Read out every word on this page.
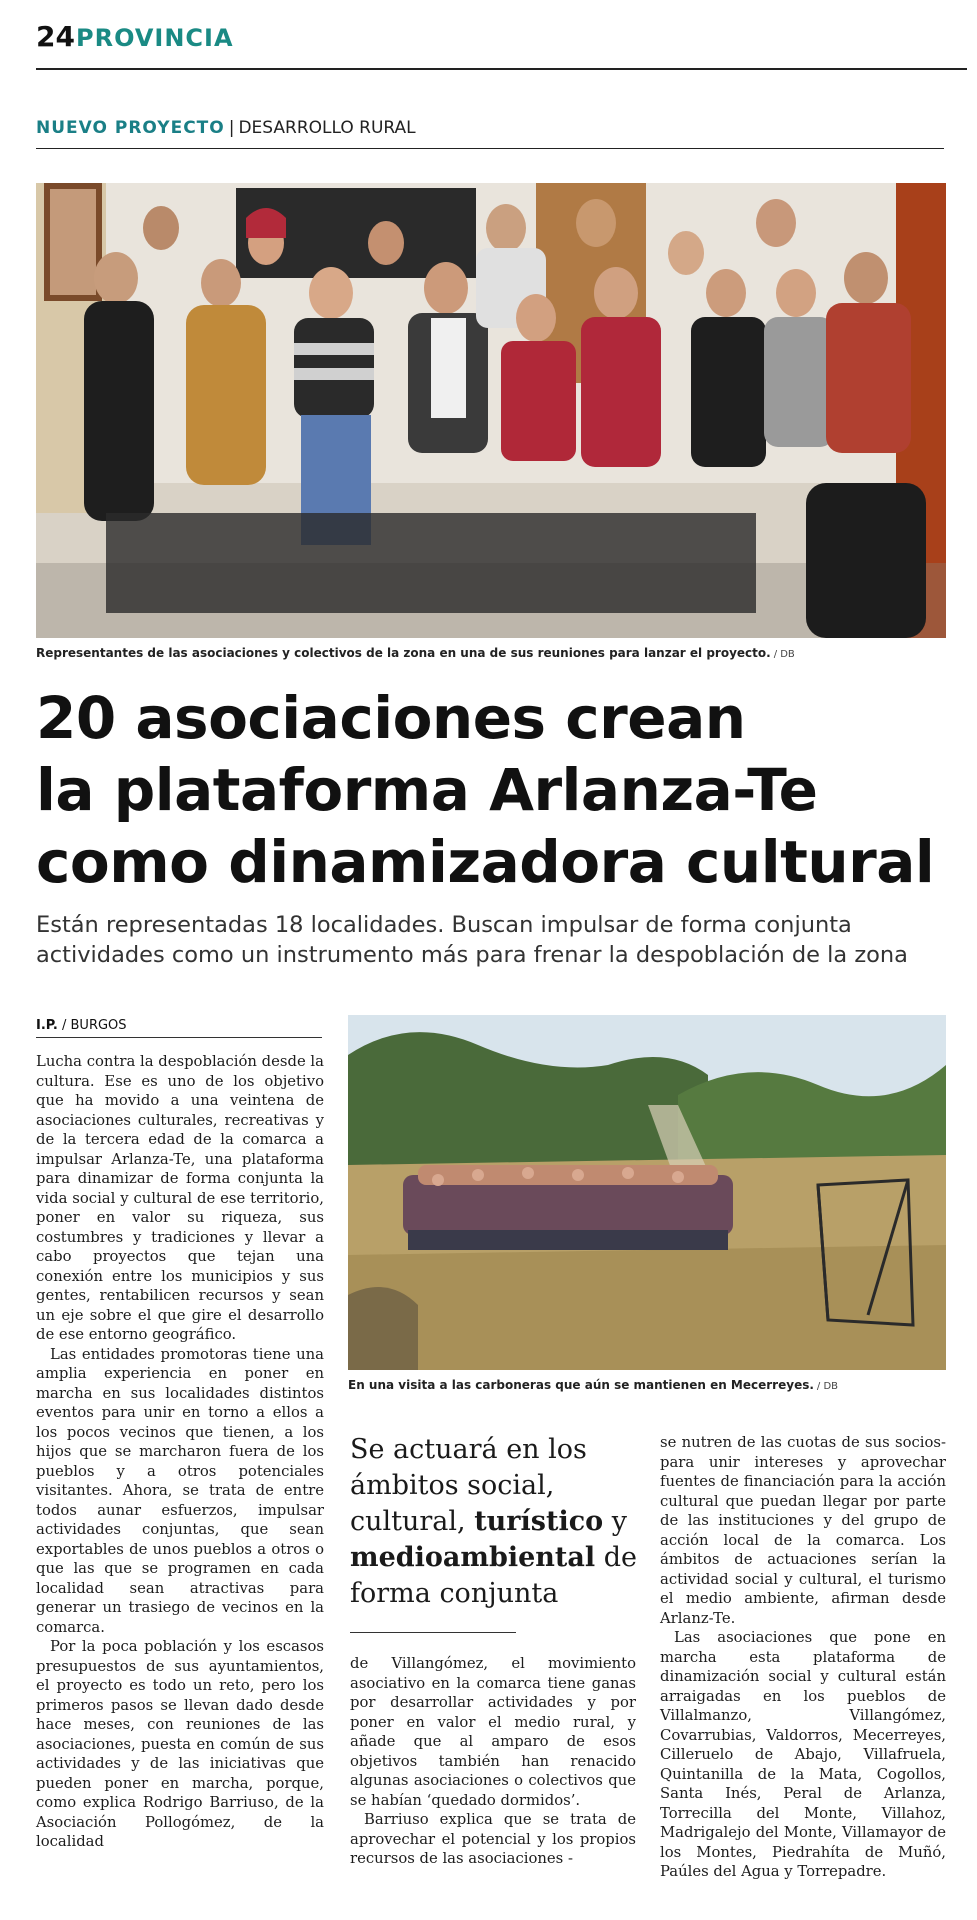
24 PROVINCIA
NUEVO PROYECTO | DESARROLLO RURAL
Representantes de las asociaciones y colectivos de la zona en una de sus reuniones para lanzar el proyecto. / DB
20 asociaciones crean
la plataforma Arlanza-Te
como dinamizadora cultural
Están representadas 18 localidades. Buscan impulsar de forma conjunta
actividades como un instrumento más para frenar la despoblación de la zona
I.P. / BURGOS

Lucha contra la despoblación desde la cultura. Ese es uno de los objetivo que ha movido a una veintena de asociaciones culturales, recreativas y de la tercera edad de la comarca a impulsar Arlanza-Te, una plataforma para dinamizar de forma conjunta la vida social y cultural de ese territorio, poner en valor su riqueza, sus costumbres y tradiciones y llevar a cabo proyectos que tejan una conexión entre los municipios y sus gentes, rentabilicen recursos y sean un eje sobre el que gire el desarrollo de ese entorno geográfico.

Las entidades promotoras tiene una amplia experiencia en poner en marcha en sus localidades distintos eventos para unir en torno a ellos a los pocos vecinos que tienen, a los hijos que se marcharon fuera de los pueblos y a otros potenciales visitantes. Ahora, se trata de entre todos aunar esfuerzos, impulsar actividades conjuntas, que sean exportables de unos pueblos a otros o que las que se programen en cada localidad sean atractivas para generar un trasiego de vecinos en la comarca.

Por la poca población y los escasos presupuestos de sus ayuntamientos, el proyecto es todo un reto, pero los primeros pasos se llevan dado desde hace meses, con reuniones de las asociaciones, puesta en común de sus actividades y de las iniciativas que pueden poner en marcha, porque, como explica Rodrigo Barriuso, de la Asociación Pollogómez, de la localidad

En una visita a las carboneras que aún se mantienen en Mecerreyes. / DB
Se actuará en los ámbitos social, cultural, turístico y medioambiental de forma conjunta

de Villangómez, el movimiento asociativo en la comarca tiene ganas por desarrollar actividades y por poner en valor el medio rural, y añade que al amparo de esos objetivos también han renacido algunas asociaciones o colectivos que se habían ‘quedado dormidos’.

Barriuso explica que se trata de aprovechar el potencial y los propios recursos de las asociaciones -

se nutren de las cuotas de sus socios- para unir intereses y aprovechar fuentes de financiación para la acción cultural que puedan llegar por parte de las instituciones y del grupo de acción local de la comarca. Los ámbitos de actuaciones serían la actividad social y cultural, el turismo el medio ambiente, afirman desde Arlanz-Te.

Las asociaciones que pone en marcha esta plataforma de dinamización social y cultural están arraigadas en los pueblos de Villalmanzo, Villangómez, Covarrubias, Valdorros, Mecerreyes, Cilleruelo de Abajo, Villafruela, Quintanilla de la Mata, Cogollos, Santa Inés, Peral de Arlanza, Torrecilla del Monte, Villahoz, Madrigalejo del Monte, Villamayor de los Montes, Piedrahíta de Muñó, Paúles del Agua y Torrepadre.
